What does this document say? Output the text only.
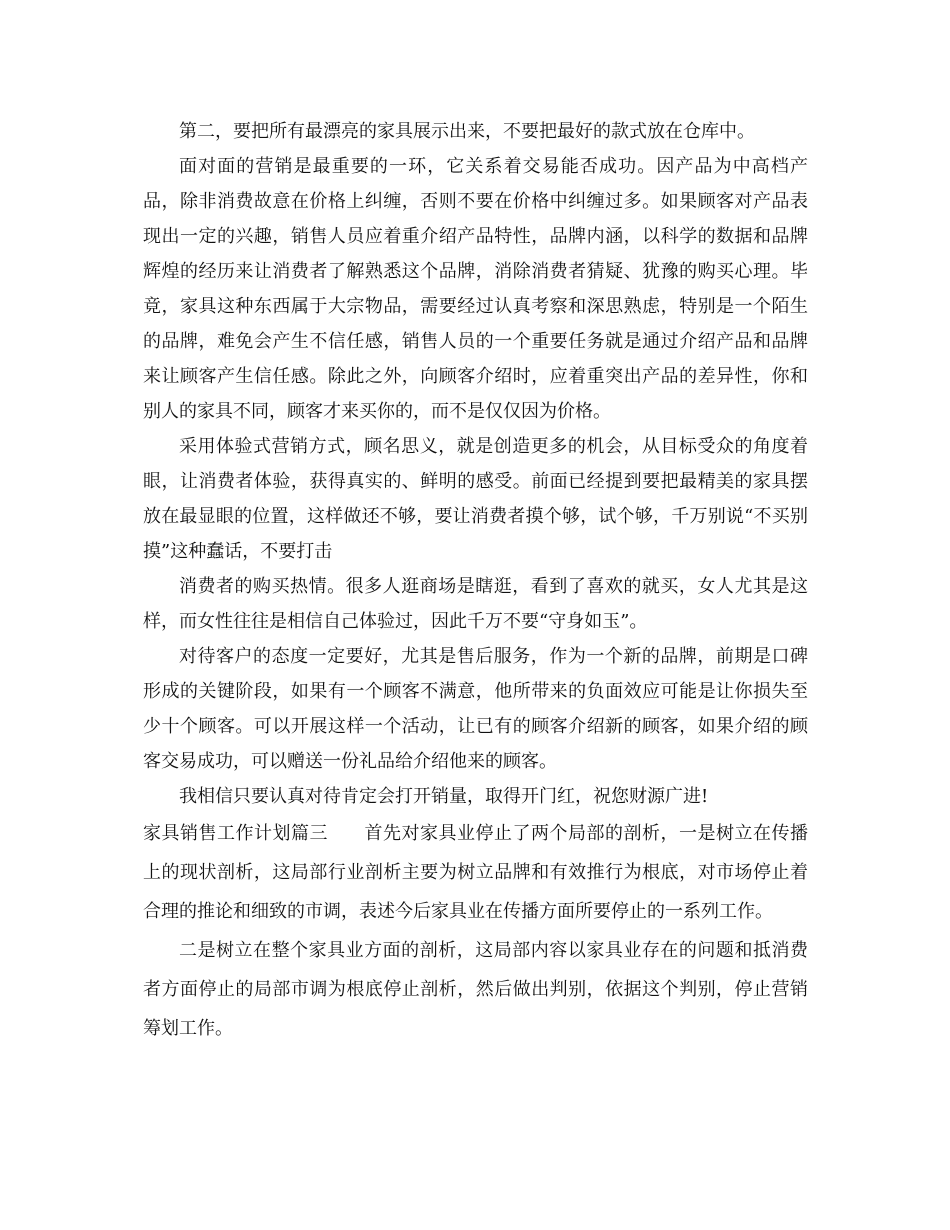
第二，要把所有最漂亮的家具展示出来，不要把最好的款式放在仓库中。

面对面的营销是最重要的一环，它关系着交易能否成功。因产品为中高档产品，除非消费故意在价格上纠缠，否则不要在价格中纠缠过多。如果顾客对产品表现出一定的兴趣，销售人员应着重介绍产品特性，品牌内涵，以科学的数据和品牌辉煌的经历来让消费者了解熟悉这个品牌，消除消费者猜疑、犹豫的购买心理。毕竟，家具这种东西属于大宗物品，需要经过认真考察和深思熟虑，特别是一个陌生的品牌，难免会产生不信任感，销售人员的一个重要任务就是通过介绍产品和品牌来让顾客产生信任感。除此之外，向顾客介绍时，应着重突出产品的差异性，你和别人的家具不同，顾客才来买你的，而不是仅仅因为价格。

采用体验式营销方式，顾名思义，就是创造更多的机会，从目标受众的角度着眼，让消费者体验，获得真实的、鲜明的感受。前面已经提到要把最精美的家具摆放在最显眼的位置，这样做还不够，要让消费者摸个够，试个够，千万别说“不买别摸”这种蠢话，不要打击

消费者的购买热情。很多人逛商场是瞎逛，看到了喜欢的就买，女人尤其是这样，而女性往往是相信自己体验过，因此千万不要“守身如玉”。

对待客户的态度一定要好，尤其是售后服务，作为一个新的品牌，前期是口碑形成的关键阶段，如果有一个顾客不满意，他所带来的负面效应可能是让你损失至少十个顾客。可以开展这样一个活动，让已有的顾客介绍新的顾客，如果介绍的顾客交易成功，可以赠送一份礼品给介绍他来的顾客。

我相信只要认真对待肯定会打开销量，取得开门红，祝您财源广进!

家具销售工作计划篇三 首先对家具业停止了两个局部的剖析，一是树立在传播上的现状剖析，这局部行业剖析主要为树立品牌和有效推行为根底，对市场停止着合理的推论和细致的市调，表述今后家具业在传播方面所要停止的一系列工作。

二是树立在整个家具业方面的剖析，这局部内容以家具业存在的问题和抵消费者方面停止的局部市调为根底停止剖析，然后做出判别，依据这个判别，停止营销筹划工作。
